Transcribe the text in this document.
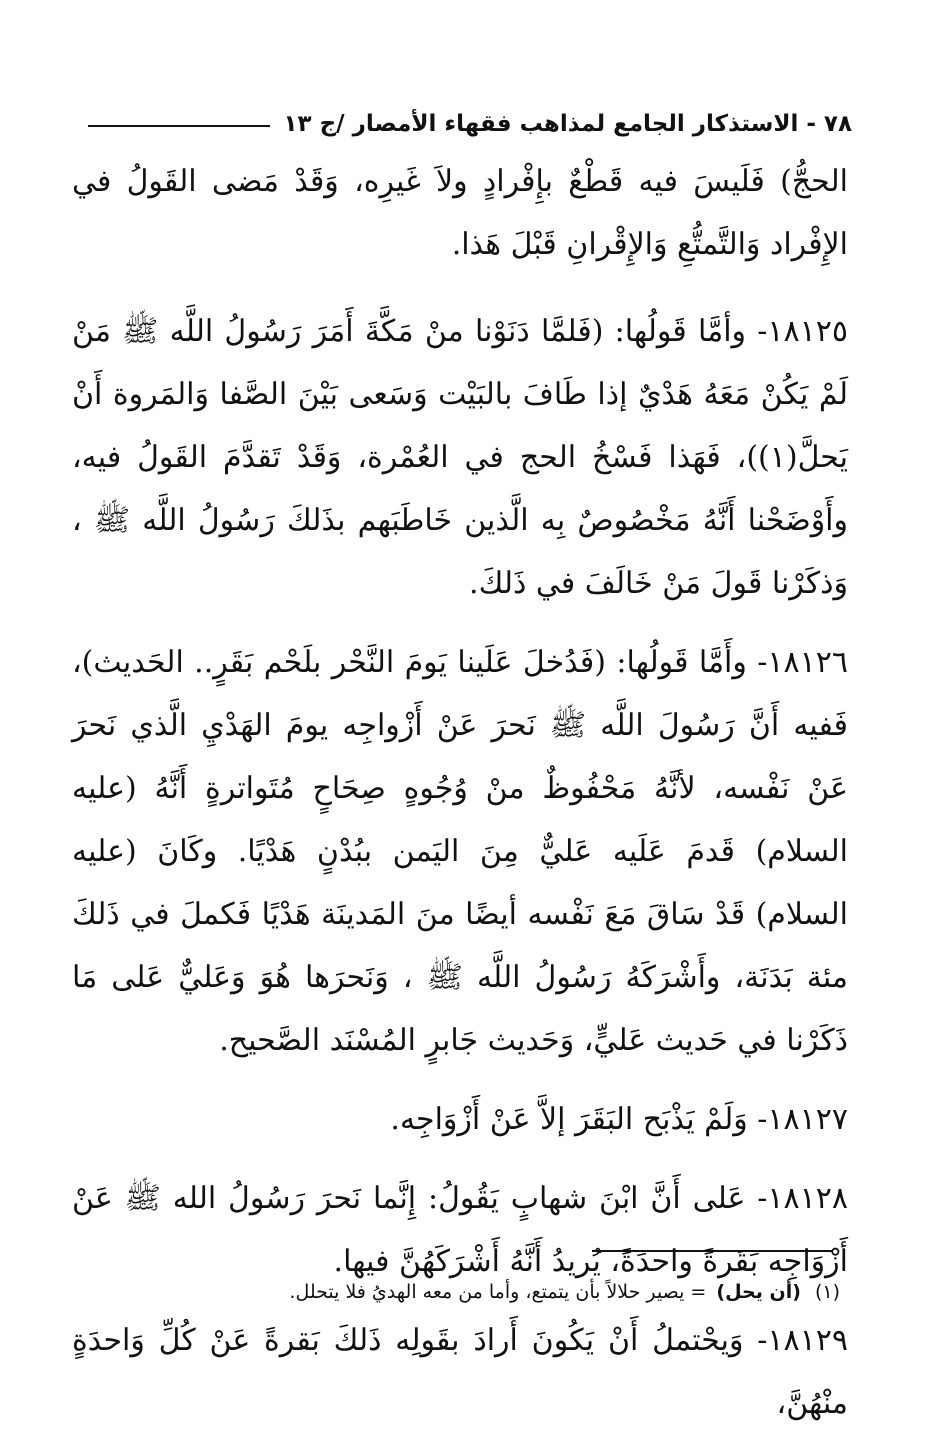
٧٨ - الاستذكار الجامع لمذاهب فقهاء الأمصار /ج ١٣

الحجُّ) فَلَيسَ فيه قَطْعٌ بإِفْرادٍ ولاَ غَيرِه، وَقَدْ مَضى القَولُ في الإِفْراد وَالتَّمتُّعِ وَالإِقْرانِ قَبْلَ هَذا.

١٨١٢٥- وأمَّا قَولُها: (فَلمَّا دَنَوْنا منْ مَكَّةَ أَمَرَ رَسُولُ اللَّه ﷺ مَنْ لَمْ يَكُنْ مَعَهُ هَدْيٌ إذا طَافَ بالبَيْت وَسَعى بَيْنَ الصَّفا وَالمَروة أَنْ يَحلَّ(١))، فَهَذا فَسْخُ الحج في العُمْرة، وَقَدْ تَقدَّمَ القَولُ فيه، وأَوْضَحْنا أَنَّهُ مَخْصُوصٌ بِه الَّذين خَاطَبَهم بذَلكَ رَسُولُ اللَّه ﷺ ، وَذكَرْنا قَولَ مَنْ خَالَفَ في ذَلكَ.

١٨١٢٦- وأَمَّا قَولُها: (فَدُخلَ عَلَينا يَومَ النَّحْر بلَحْم بَقَرٍ.. الحَديث)، فَفيه أَنَّ رَسُولَ اللَّه ﷺ نَحرَ عَنْ أَزْواجِه يومَ الهَدْيِ الَّذي نَحرَ عَنْ نَفْسه، لأنَّهُ مَحْفُوظٌ منْ وُجُوهٍ صِحَاحٍ مُتَواترةٍ أَنَّهُ (عليه السلام) قَدمَ عَلَيه عَليٌّ مِنَ اليَمن ببُدْنٍ هَدْيًا. وكَانَ (عليه السلام) قَدْ سَاقَ مَعَ نَفْسه أيضًا منَ المَدينَة هَدْيًا فَكملَ في ذَلكَ مئة بَدَنَة، وأَشْرَكَهُ رَسُولُ اللَّه ﷺ ، وَنَحرَها هُوَ وَعَليٌّ عَلى مَا ذَكَرْنا في حَديث عَليٍّ، وَحَديث جَابرٍ المُسْنَد الصَّحيح.

١٨١٢٧- وَلَمْ يَذْبَح البَقَرَ إلاَّ عَنْ أَزْوَاجِه.

١٨١٢٨- عَلى أَنَّ ابْنَ شهابٍ يَقُولُ: إِنَّما نَحرَ رَسُولُ الله ﷺ عَنْ أَزْوَاجِه بَقَرةً واحدَةً، يُريدُ أَنَّهُ أَشْرَكَهُنَّ فيها.

١٨١٢٩- وَيحْتملُ أَنْ يَكُونَ أَرادَ بقَولِه ذَلكَ بَقرةً عَنْ كُلِّ وَاحدَةٍ منْهُنَّ،

(١) (أن يحل) = يصير حلالاً بأن يتمتع، وأما من معه الهديُ فلا يتحلل.
